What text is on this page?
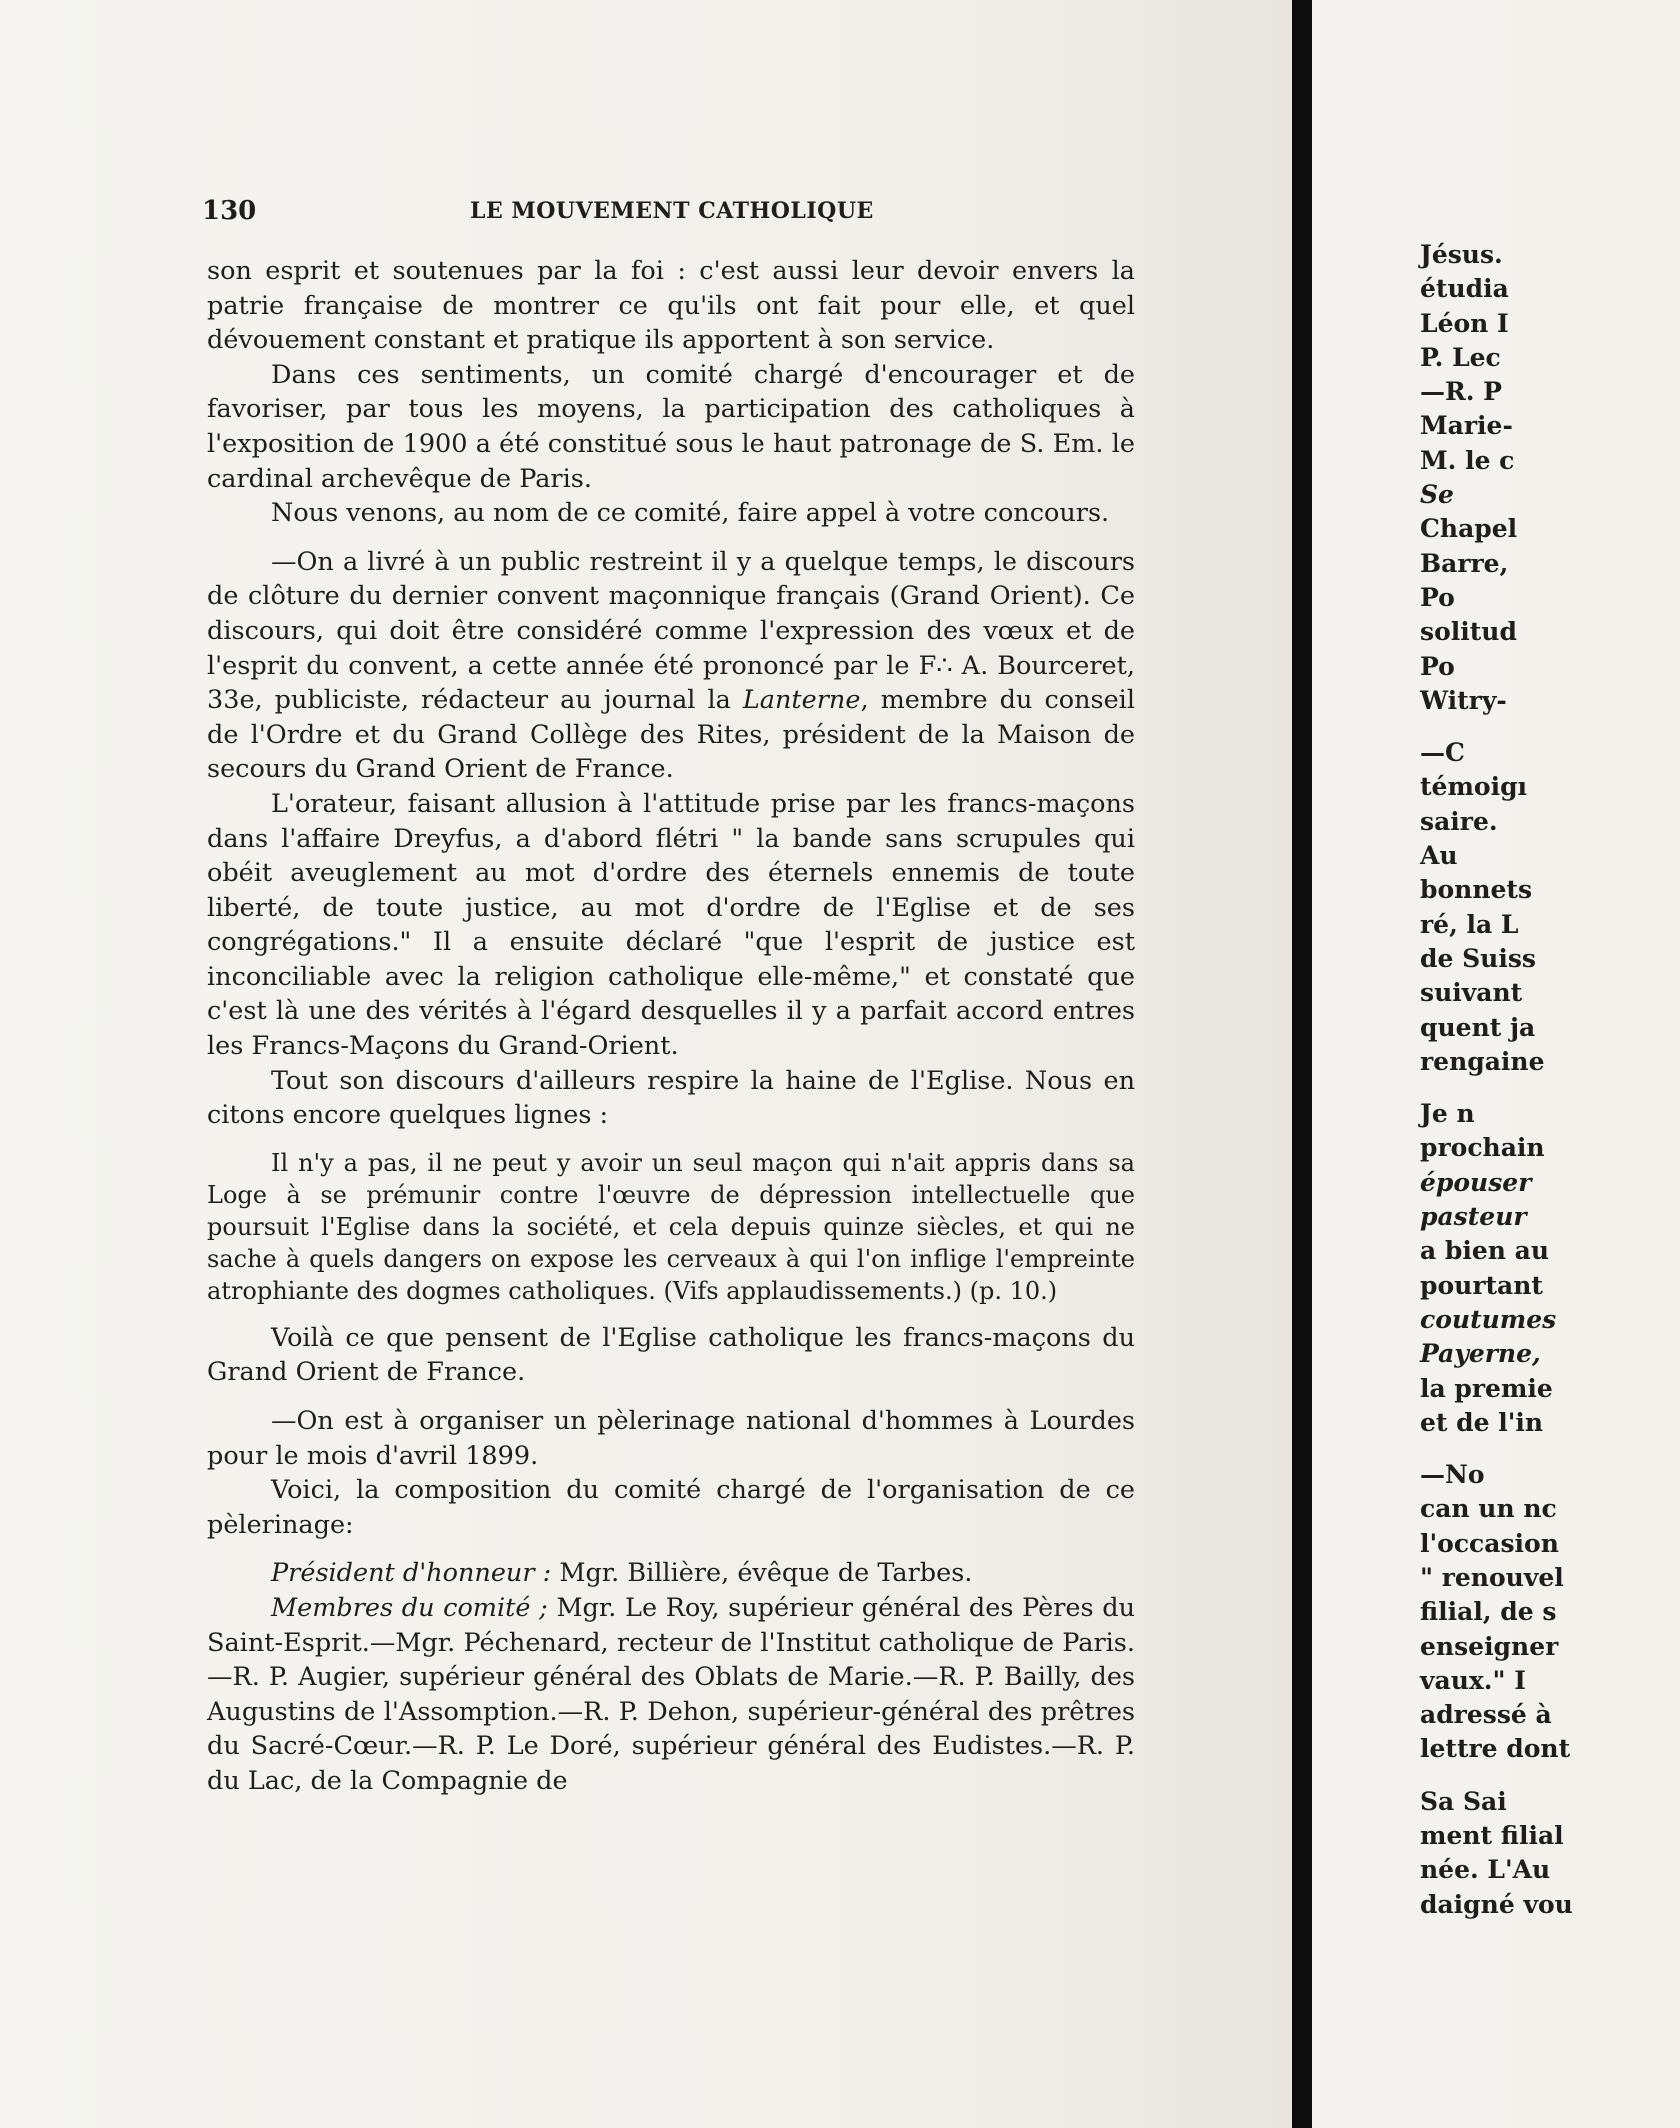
130	LE MOUVEMENT CATHOLIQUE

son esprit et soutenues par la foi : c'est aussi leur devoir envers la patrie française de montrer ce qu'ils ont fait pour elle, et quel dévouement constant et pratique ils apportent à son service.

Dans ces sentiments, un comité chargé d'encourager et de favoriser, par tous les moyens, la participation des catholiques à l'exposition de 1900 a été constitué sous le haut patronage de S. Em. le cardinal archevêque de Paris.

Nous venons, au nom de ce comité, faire appel à votre concours.

—On a livré à un public restreint il y a quelque temps, le discours de clôture du dernier convent maçonnique français (Grand Orient). Ce discours, qui doit être considéré comme l'expression des vœux et de l'esprit du convent, a cette année été prononcé par le F∴ A. Bourceret, 33e, publiciste, rédacteur au journal la Lanterne, membre du conseil de l'Ordre et du Grand Collège des Rites, président de la Maison de secours du Grand Orient de France.

L'orateur, faisant allusion à l'attitude prise par les francs-maçons dans l'affaire Dreyfus, a d'abord flétri " la bande sans scrupules qui obéit aveuglement au mot d'ordre des éternels ennemis de toute liberté, de toute justice, au mot d'ordre de l'Eglise et de ses congrégations." Il a ensuite déclaré "que l'esprit de justice est inconciliable avec la religion catholique elle-même," et constaté que c'est là une des vérités à l'égard desquelles il y a parfait accord entres les Francs-Maçons du Grand-Orient.

Tout son discours d'ailleurs respire la haine de l'Eglise. Nous en citons encore quelques lignes :

Il n'y a pas, il ne peut y avoir un seul maçon qui n'ait appris dans sa Loge à se prémunir contre l'œuvre de dépression intellectuelle que poursuit l'Eglise dans la société, et cela depuis quinze siècles, et qui ne sache à quels dangers on expose les cerveaux à qui l'on inflige l'empreinte atrophiante des dogmes catholiques. (Vifs applaudissements.) (p. 10.)

Voilà ce que pensent de l'Eglise catholique les francs-maçons du Grand Orient de France.

—On est à organiser un pèlerinage national d'hommes à Lourdes pour le mois d'avril 1899.

Voici, la composition du comité chargé de l'organisation de ce pèlerinage:

Président d'honneur : Mgr. Billière, évêque de Tarbes.

Membres du comité ; Mgr. Le Roy, supérieur général des Pères du Saint-Esprit.—Mgr. Péchenard, recteur de l'Institut catholique de Paris.—R. P. Augier, supérieur général des Oblats de Marie.—R. P. Bailly, des Augustins de l'Assomption.—R. P. Dehon, supérieur-général des prêtres du Sacré-Cœur.—R. P. Le Doré, supérieur général des Eudistes.—R. P. du Lac, de la Compagnie de

Jésus.
étudia
Léon I
P. Lec
—R. P
Marie-
M. le c
Se
Chapel
Barre,
Po
solitud
Po
Witry-
—C
témoigı
saire.
Au
bonnets
ré, la L
de Suiss
suivant
quent ja
rengaine
Je n
prochain
épouser
pasteur
a bien au
pourtant
coutumes
Payerne,
la premie
et de l'in
—No
can un nc
l'occasion
" renouvel
filial, de s
enseigner
vaux." I
adressé à
lettre dont
Sa Sai
ment filial
née. L'Au
daigné vou
